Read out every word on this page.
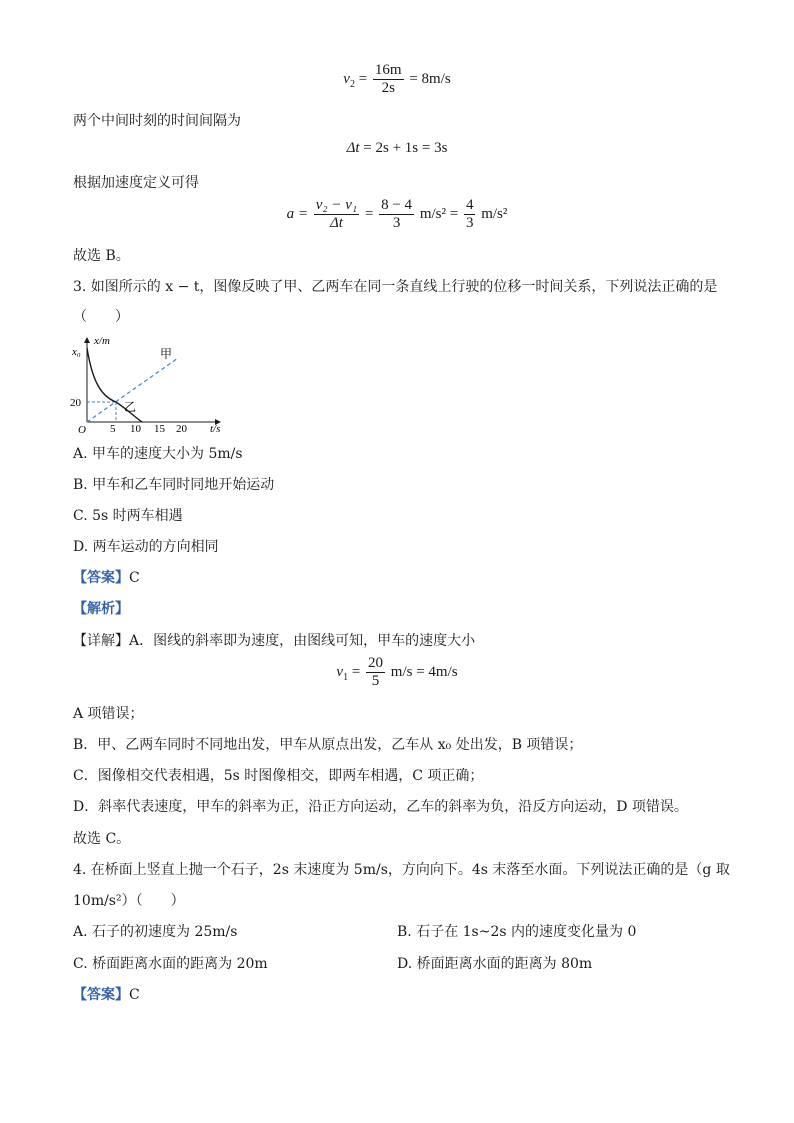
$v_2 = \frac{16m}{2s} = 8m/s$
两个中间时刻的时间间隔为
Δt = 2s + 1s = 3s
根据加速度定义可得
$a = \frac{\text{v₂ − v₁}}{\Delta t} = \frac{8 - 4}{3} m/s^2 = \frac{4}{3} m/s^2$
故选 B。
3. 如图所示的 x − t，图像反映了甲、乙两车在同一条直线上行驶的位移一时间关系，下列说法正确的是
（　　）
x/m
t/s
O
x₀
20
5 10 15 20
甲
乙
A. 甲车的速度大小为 5m/s
B. 甲车和乙车同时同地开始运动
C. 5s 时两车相遇
D. 两车运动的方向相同
【答案】C
【解析】
【详解】A．图线的斜率即为速度，由图线可知，甲车的速度大小
$v_1 = \frac{20}{5} m/s = 4m/s$
A 项错误；
B．甲、乙两车同时不同地出发，甲车从原点出发，乙车从 x₀ 处出发，B 项错误；
C．图像相交代表相遇，5s 时图像相交，即两车相遇，C 项正确；
D．斜率代表速度，甲车的斜率为正，沿正方向运动，乙车的斜率为负，沿反方向运动，D 项错误。
故选 C。
4. 在桥面上竖直上抛一个石子，2s 末速度为 5m/s，方向向下。4s 末落至水面。下列说法正确的是（g 取
10m/s²）（　　）
A. 石子的初速度为 25m/s	B. 石子在 1s~2s 内的速度变化量为 0
C. 桥面距离水面的距离为 20m	D. 桥面距离水面的距离为 80m
【答案】C
